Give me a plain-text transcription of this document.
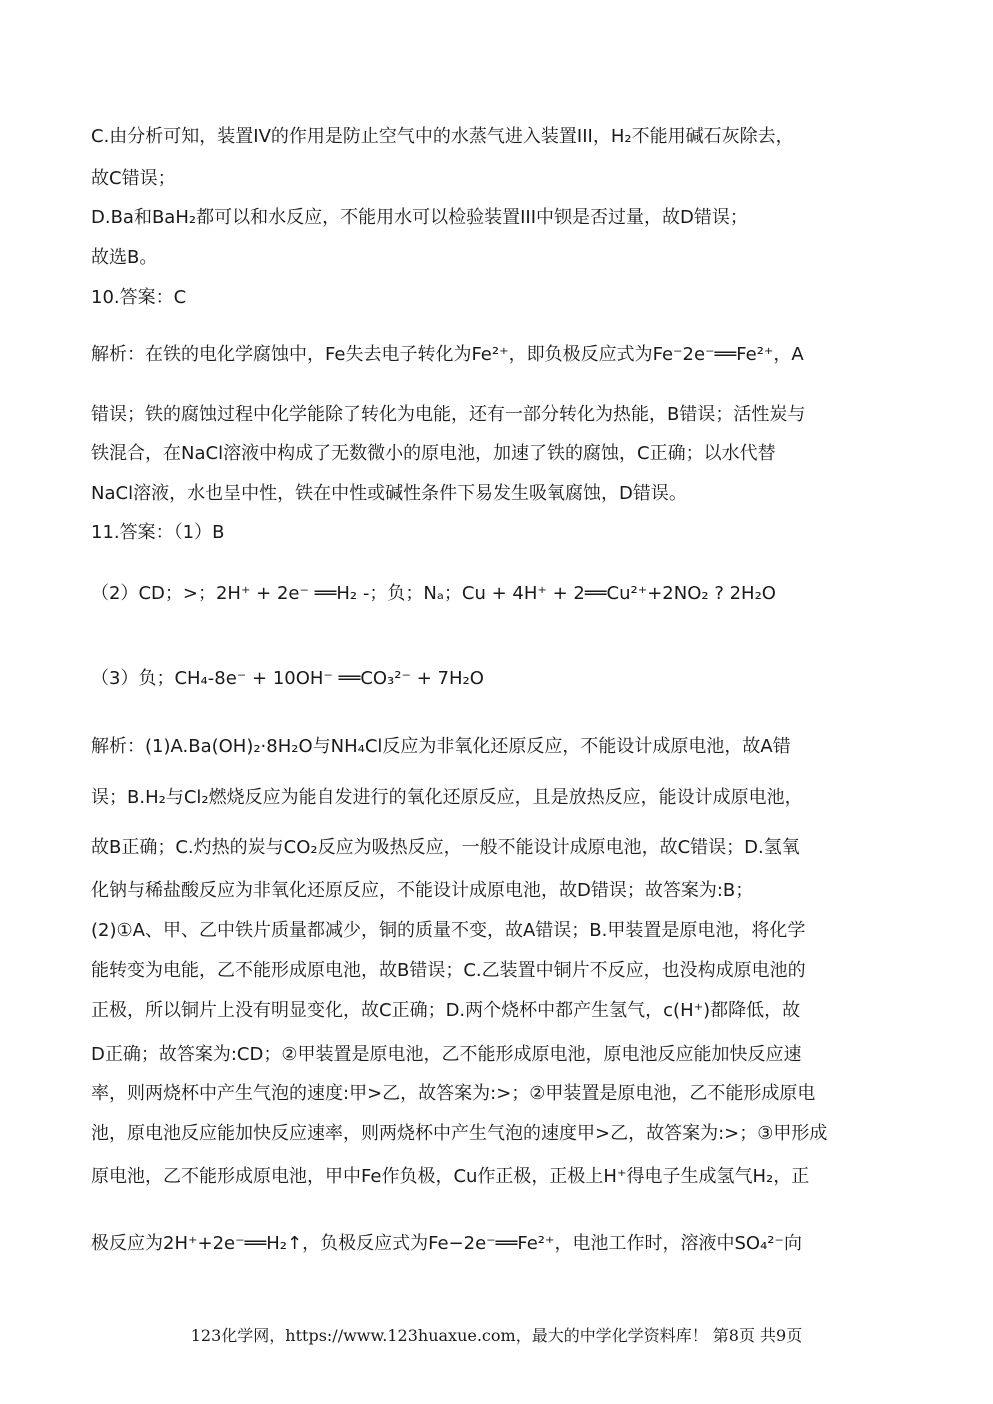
C.由分析可知，装置IV的作用是防止空气中的水蒸气进入装置III，H₂不能用碱石灰除去，
故C错误；
D.Ba和BaH₂都可以和水反应，不能用水可以检验装置III中钡是否过量，故D错误；
故选B。
10.答案：C
解析：在铁的电化学腐蚀中，Fe失去电子转化为Fe²⁺，即负极反应式为Fe⁻2e⁻══Fe²⁺，A
错误；铁的腐蚀过程中化学能除了转化为电能，还有一部分转化为热能，B错误；活性炭与
铁混合，在NaCl溶液中构成了无数微小的原电池，加速了铁的腐蚀，C正确；以水代替
NaCl溶液，水也呈中性，铁在中性或碱性条件下易发生吸氧腐蚀，D错误。
11.答案：（1）B
（2）CD；>；2H⁺ + 2e⁻ ══H₂ -；负；Nₐ；Cu + 4H⁺ + 2══Cu²⁺+2NO₂ ? 2H₂O
（3）负；CH₄-8e⁻ + 10OH⁻ ══CO₃²⁻ + 7H₂O
解析：(1)A.Ba(OH)₂·8H₂O与NH₄Cl反应为非氧化还原反应，不能设计成原电池，故A错
误；B.H₂与Cl₂燃烧反应为能自发进行的氧化还原反应，且是放热反应，能设计成原电池，
故B正确；C.灼热的炭与CO₂反应为吸热反应，一般不能设计成原电池，故C错误；D.氢氧
化钠与稀盐酸反应为非氧化还原反应，不能设计成原电池，故D错误；故答案为:B；
(2)①A、甲、乙中铁片质量都减少，铜的质量不变，故A错误；B.甲装置是原电池，将化学
能转变为电能，乙不能形成原电池，故B错误；C.乙装置中铜片不反应，也没构成原电池的
正极，所以铜片上没有明显变化，故C正确；D.两个烧杯中都产生氢气，c(H⁺)都降低，故
D正确；故答案为:CD；②甲装置是原电池，乙不能形成原电池，原电池反应能加快反应速
率，则两烧杯中产生气泡的速度:甲>乙，故答案为:>；②甲装置是原电池，乙不能形成原电
池，原电池反应能加快反应速率，则两烧杯中产生气泡的速度甲>乙，故答案为:>；③甲形成
原电池，乙不能形成原电池，甲中Fe作负极，Cu作正极，正极上H⁺得电子生成氢气H₂，正
极反应为2H⁺+2e⁻══H₂↑，负极反应式为Fe−2e⁻══Fe²⁺，电池工作时，溶液中SO₄²⁻向
123化学网，https://www.123huaxue.com，最大的中学化学资料库！ 第8页 共9页
